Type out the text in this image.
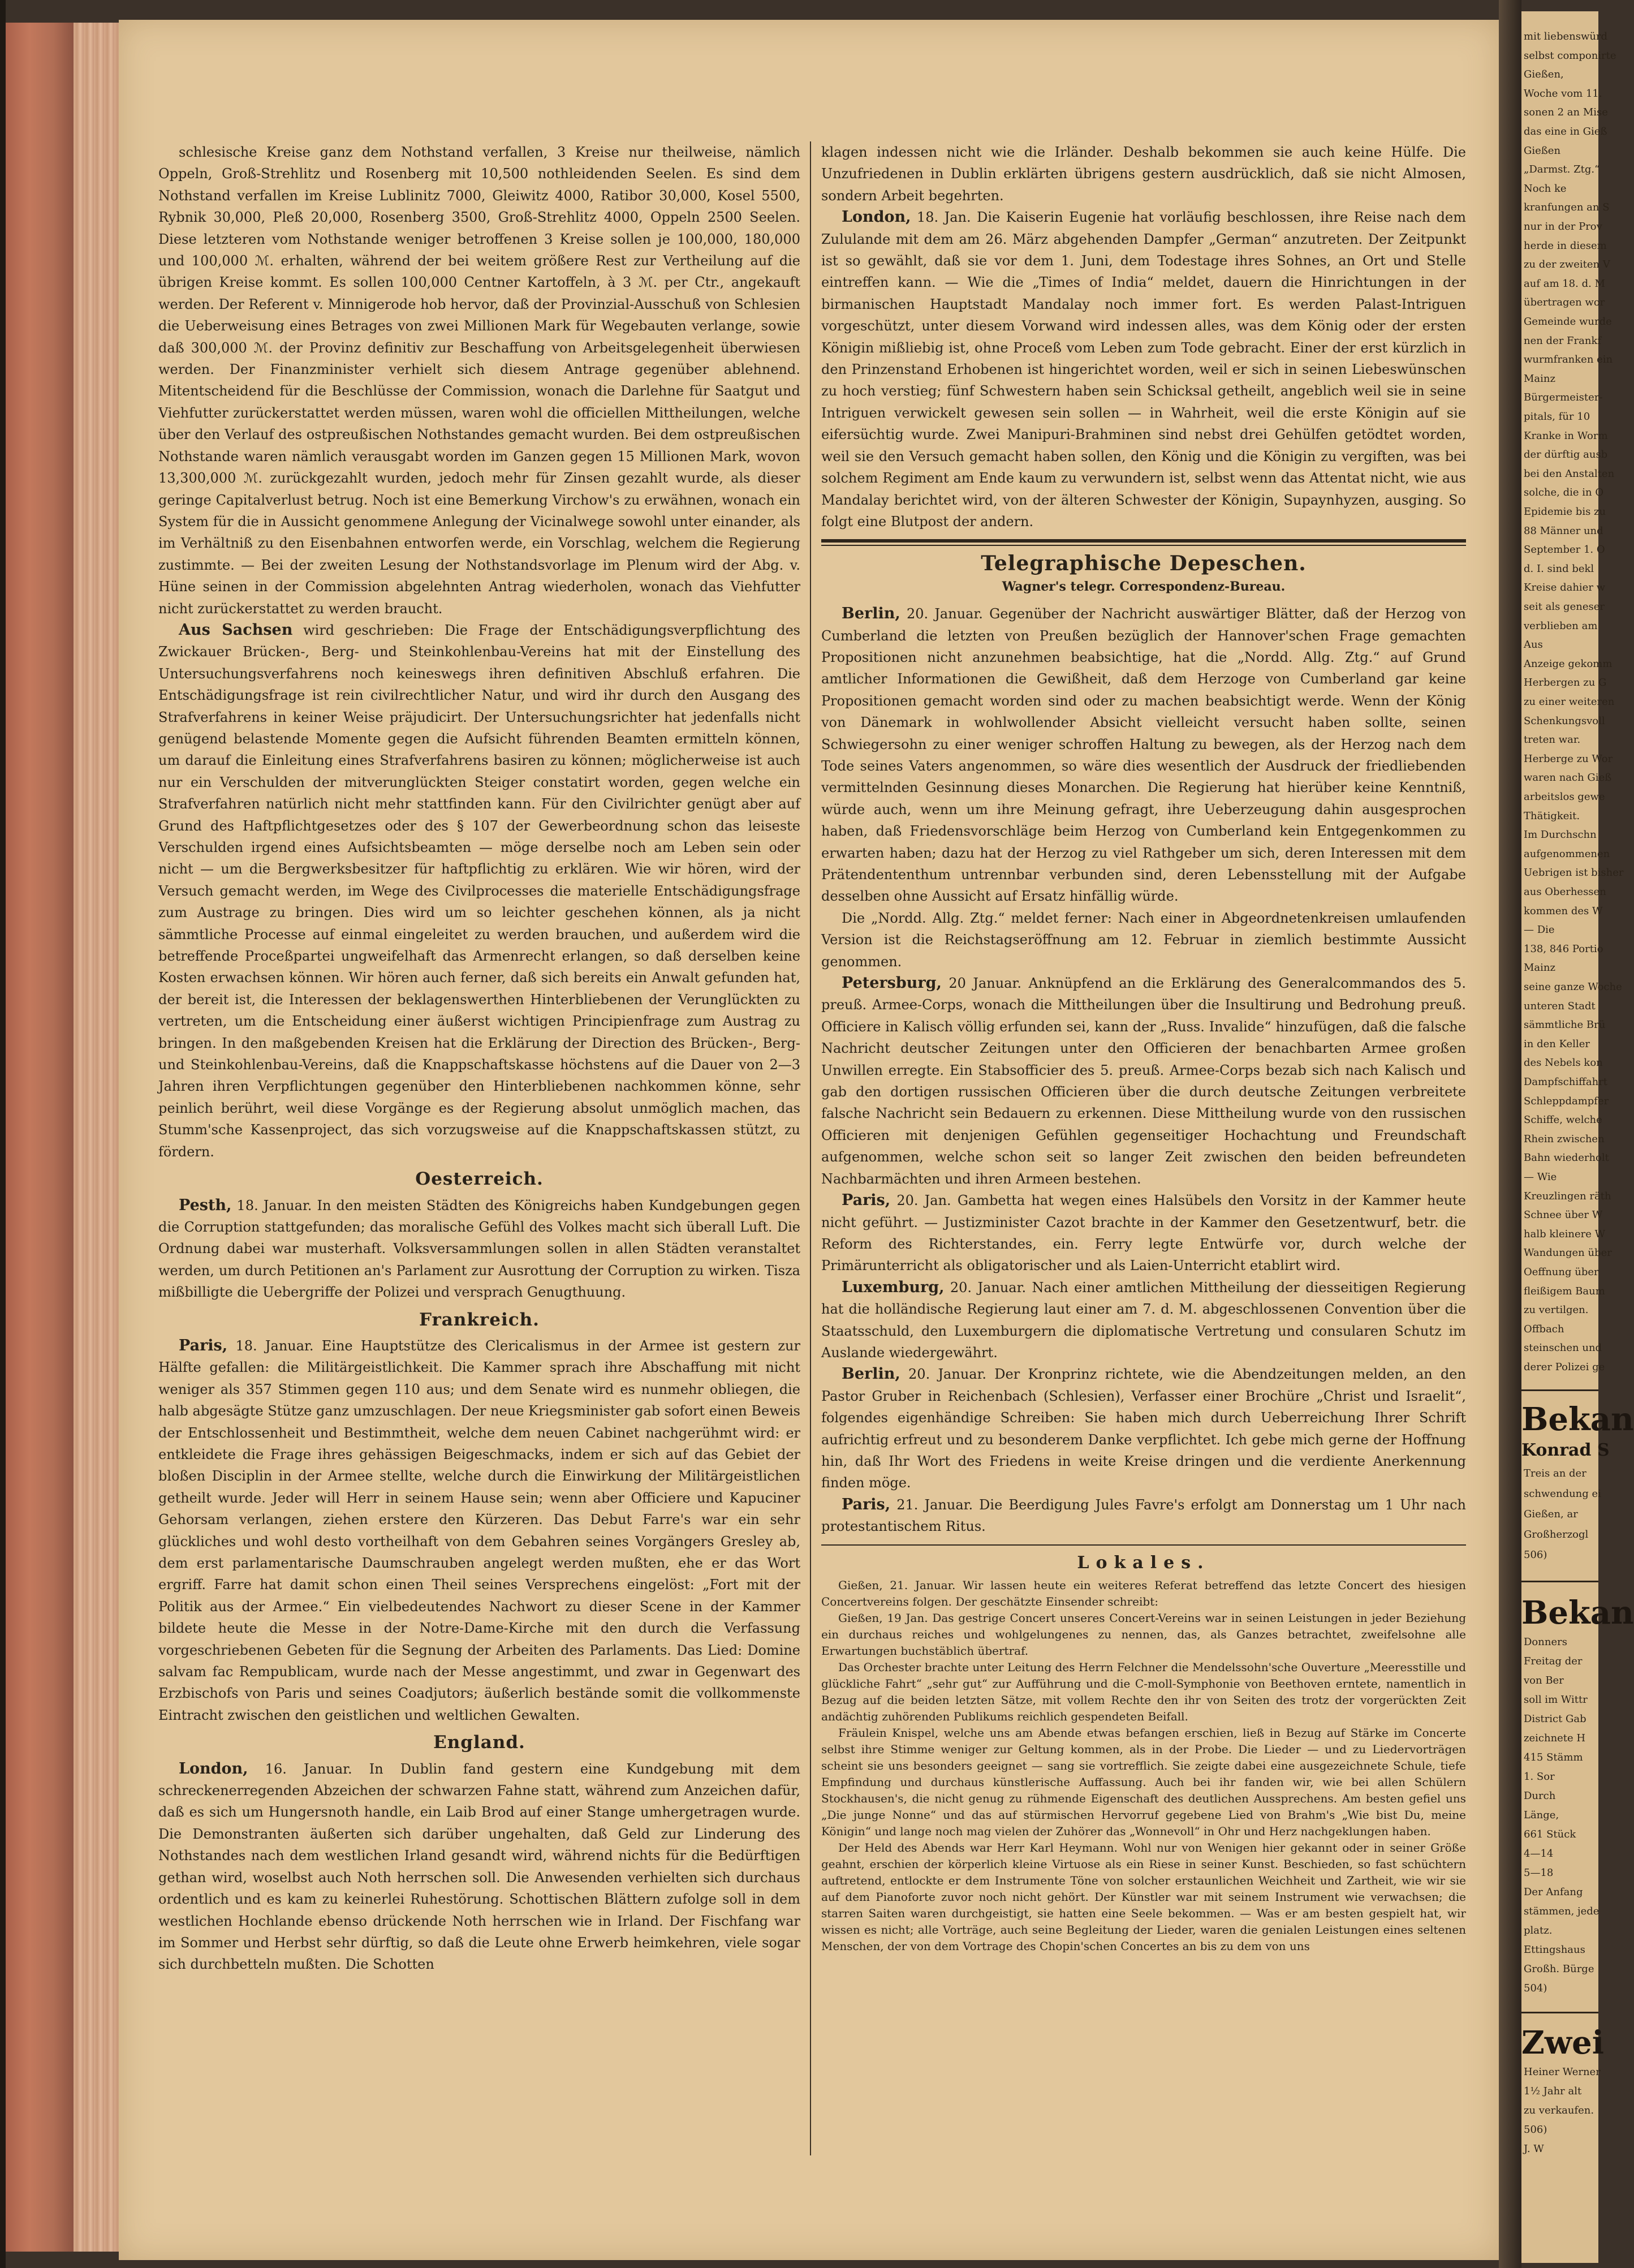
schlesische Kreise ganz dem Nothstand verfallen, 3 Kreise nur theilweise, nämlich Oppeln, Groß-Strehlitz und Rosenberg mit 10,500 nothleidenden Seelen. Es sind dem Nothstand verfallen im Kreise Lublinitz 7000, Gleiwitz 4000, Ratibor 30,000, Kosel 5500, Rybnik 30,000, Pleß 20,000, Rosenberg 3500, Groß-Strehlitz 4000, Oppeln 2500 Seelen. Diese letzteren vom Nothstande weniger betroffenen 3 Kreise sollen je 100,000, 180,000 und 100,000 ℳ. erhalten, während der bei weitem größere Rest zur Vertheilung auf die übrigen Kreise kommt. Es sollen 100,000 Centner Kartoffeln, à 3 ℳ. per Ctr., angekauft werden. Der Referent v. Minnigerode hob hervor, daß der Provinzial-Ausschuß von Schlesien die Ueberweisung eines Betrages von zwei Millionen Mark für Wegebauten verlange, sowie daß 300,000 ℳ. der Provinz definitiv zur Beschaffung von Arbeitsgelegenheit überwiesen werden. Der Finanzminister verhielt sich diesem Antrage gegenüber ablehnend. Mitentscheidend für die Beschlüsse der Commission, wonach die Darlehne für Saatgut und Viehfutter zurückerstattet werden müssen, waren wohl die officiellen Mittheilungen, welche über den Verlauf des ostpreußischen Nothstandes gemacht wurden. Bei dem ostpreußischen Nothstande waren nämlich verausgabt worden im Ganzen gegen 15 Millionen Mark, wovon 13,300,000 ℳ. zurückgezahlt wurden, jedoch mehr für Zinsen gezahlt wurde, als dieser geringe Capitalverlust betrug. Noch ist eine Bemerkung Virchow's zu erwähnen, wonach ein System für die in Aussicht genommene Anlegung der Vicinalwege sowohl unter einander, als im Verhältniß zu den Eisenbahnen entworfen werde, ein Vorschlag, welchem die Regierung zustimmte. — Bei der zweiten Lesung der Nothstandsvorlage im Plenum wird der Abg. v. Hüne seinen in der Commission abgelehnten Antrag wiederholen, wonach das Viehfutter nicht zurückerstattet zu werden braucht.

Aus Sachsen wird geschrieben: Die Frage der Entschädigungsverpflichtung des Zwickauer Brücken-, Berg- und Steinkohlenbau-Vereins hat mit der Einstellung des Untersuchungsverfahrens noch keineswegs ihren definitiven Abschluß erfahren. Die Entschädigungsfrage ist rein civilrechtlicher Natur, und wird ihr durch den Ausgang des Strafverfahrens in keiner Weise präjudicirt. Der Untersuchungsrichter hat jedenfalls nicht genügend belastende Momente gegen die Aufsicht führenden Beamten ermitteln können, um darauf die Einleitung eines Strafverfahrens basiren zu können; möglicherweise ist auch nur ein Verschulden der mitverunglückten Steiger constatirt worden, gegen welche ein Strafverfahren natürlich nicht mehr stattfinden kann. Für den Civilrichter genügt aber auf Grund des Haftpflichtgesetzes oder des § 107 der Gewerbeordnung schon das leiseste Verschulden irgend eines Aufsichtsbeamten — möge derselbe noch am Leben sein oder nicht — um die Bergwerksbesitzer für haftpflichtig zu erklären. Wie wir hören, wird der Versuch gemacht werden, im Wege des Civilprocesses die materielle Entschädigungsfrage zum Austrage zu bringen. Dies wird um so leichter geschehen können, als ja nicht sämmtliche Processe auf einmal eingeleitet zu werden brauchen, und außerdem wird die betreffende Proceßpartei ungweifelhaft das Armenrecht erlangen, so daß derselben keine Kosten erwachsen können. Wir hören auch ferner, daß sich bereits ein Anwalt gefunden hat, der bereit ist, die Interessen der beklagenswerthen Hinterbliebenen der Verunglückten zu vertreten, um die Entscheidung einer äußerst wichtigen Principienfrage zum Austrag zu bringen. In den maßgebenden Kreisen hat die Erklärung der Direction des Brücken-, Berg- und Steinkohlenbau-Vereins, daß die Knappschaftskasse höchstens auf die Dauer von 2—3 Jahren ihren Verpflichtungen gegenüber den Hinterbliebenen nachkommen könne, sehr peinlich berührt, weil diese Vorgänge es der Regierung absolut unmöglich machen, das Stumm'sche Kassenproject, das sich vorzugsweise auf die Knappschaftskassen stützt, zu fördern.

Oesterreich.

Pesth, 18. Januar. In den meisten Städten des Königreichs haben Kundgebungen gegen die Corruption stattgefunden; das moralische Gefühl des Volkes macht sich überall Luft. Die Ordnung dabei war musterhaft. Volksversammlungen sollen in allen Städten veranstaltet werden, um durch Petitionen an's Parlament zur Ausrottung der Corruption zu wirken. Tisza mißbilligte die Uebergriffe der Polizei und versprach Genugthuung.

Frankreich.

Paris, 18. Januar. Eine Hauptstütze des Clericalismus in der Armee ist gestern zur Hälfte gefallen: die Militärgeistlichkeit. Die Kammer sprach ihre Abschaffung mit nicht weniger als 357 Stimmen gegen 110 aus; und dem Senate wird es nunmehr obliegen, die halb abgesägte Stütze ganz umzuschlagen. Der neue Kriegsminister gab sofort einen Beweis der Entschlossenheit und Bestimmtheit, welche dem neuen Cabinet nachgerühmt wird: er entkleidete die Frage ihres gehässigen Beigeschmacks, indem er sich auf das Gebiet der bloßen Disciplin in der Armee stellte, welche durch die Einwirkung der Militärgeistlichen getheilt wurde. Jeder will Herr in seinem Hause sein; wenn aber Officiere und Kapuciner Gehorsam verlangen, ziehen erstere den Kürzeren. Das Debut Farre's war ein sehr glückliches und wohl desto vortheilhaft von dem Gebahren seines Vorgängers Gresley ab, dem erst parlamentarische Daumschrauben angelegt werden mußten, ehe er das Wort ergriff. Farre hat damit schon einen Theil seines Versprechens eingelöst: „Fort mit der Politik aus der Armee.“ Ein vielbedeutendes Nachwort zu dieser Scene in der Kammer bildete heute die Messe in der Notre-Dame-Kirche mit den durch die Verfassung vorgeschriebenen Gebeten für die Segnung der Arbeiten des Parlaments. Das Lied: Domine salvam fac Rempublicam, wurde nach der Messe angestimmt, und zwar in Gegenwart des Erzbischofs von Paris und seines Coadjutors; äußerlich bestände somit die vollkommenste Eintracht zwischen den geistlichen und weltlichen Gewalten.

England.

London, 16. Januar. In Dublin fand gestern eine Kundgebung mit dem schreckenerregenden Abzeichen der schwarzen Fahne statt, während zum Anzeichen dafür, daß es sich um Hungersnoth handle, ein Laib Brod auf einer Stange umhergetragen wurde. Die Demonstranten äußerten sich darüber ungehalten, daß Geld zur Linderung des Nothstandes nach dem westlichen Irland gesandt wird, während nichts für die Bedürftigen gethan wird, woselbst auch Noth herrschen soll. Die Anwesenden verhielten sich durchaus ordentlich und es kam zu keinerlei Ruhestörung. Schottischen Blättern zufolge soll in dem westlichen Hochlande ebenso drückende Noth herrschen wie in Irland. Der Fischfang war im Sommer und Herbst sehr dürftig, so daß die Leute ohne Erwerb heimkehren, viele sogar sich durchbetteln mußten. Die Schotten

klagen indessen nicht wie die Irländer. Deshalb bekommen sie auch keine Hülfe. Die Unzufriedenen in Dublin erklärten übrigens gestern ausdrücklich, daß sie nicht Almosen, sondern Arbeit begehrten.

London, 18. Jan. Die Kaiserin Eugenie hat vorläufig beschlossen, ihre Reise nach dem Zululande mit dem am 26. März abgehenden Dampfer „German“ anzutreten. Der Zeitpunkt ist so gewählt, daß sie vor dem 1. Juni, dem Todestage ihres Sohnes, an Ort und Stelle eintreffen kann. — Wie die „Times of India“ meldet, dauern die Hinrichtungen in der birmanischen Hauptstadt Mandalay noch immer fort. Es werden Palast-Intriguen vorgeschützt, unter diesem Vorwand wird indessen alles, was dem König oder der ersten Königin mißliebig ist, ohne Proceß vom Leben zum Tode gebracht. Einer der erst kürzlich in den Prinzenstand Erhobenen ist hingerichtet worden, weil er sich in seinen Liebeswünschen zu hoch verstieg; fünf Schwestern haben sein Schicksal getheilt, angeblich weil sie in seine Intriguen verwickelt gewesen sein sollen — in Wahrheit, weil die erste Königin auf sie eifersüchtig wurde. Zwei Manipuri-Brahminen sind nebst drei Gehülfen getödtet worden, weil sie den Versuch gemacht haben sollen, den König und die Königin zu vergiften, was bei solchem Regiment am Ende kaum zu verwundern ist, selbst wenn das Attentat nicht, wie aus Mandalay berichtet wird, von der älteren Schwester der Königin, Supaynhyzen, ausging. So folgt eine Blutpost der andern.

Telegraphische Depeschen.
Wagner's telegr. Correspondenz-Bureau.

Berlin, 20. Januar. Gegenüber der Nachricht auswärtiger Blätter, daß der Herzog von Cumberland die letzten von Preußen bezüglich der Hannover'schen Frage gemachten Propositionen nicht anzunehmen beabsichtige, hat die „Nordd. Allg. Ztg.“ auf Grund amtlicher Informationen die Gewißheit, daß dem Herzoge von Cumberland gar keine Propositionen gemacht worden sind oder zu machen beabsichtigt werde. Wenn der König von Dänemark in wohlwollender Absicht vielleicht versucht haben sollte, seinen Schwiegersohn zu einer weniger schroffen Haltung zu bewegen, als der Herzog nach dem Tode seines Vaters angenommen, so wäre dies wesentlich der Ausdruck der friedliebenden vermittelnden Gesinnung dieses Monarchen. Die Regierung hat hierüber keine Kenntniß, würde auch, wenn um ihre Meinung gefragt, ihre Ueberzeugung dahin ausgesprochen haben, daß Friedensvorschläge beim Herzog von Cumberland kein Entgegenkommen zu erwarten haben; dazu hat der Herzog zu viel Rathgeber um sich, deren Interessen mit dem Prätendententhum untrennbar verbunden sind, deren Lebensstellung mit der Aufgabe desselben ohne Aussicht auf Ersatz hinfällig würde.

Die „Nordd. Allg. Ztg.“ meldet ferner: Nach einer in Abgeordnetenkreisen umlaufenden Version ist die Reichstagseröffnung am 12. Februar in ziemlich bestimmte Aussicht genommen.

Petersburg, 20 Januar. Anknüpfend an die Erklärung des Generalcommandos des 5. preuß. Armee-Corps, wonach die Mittheilungen über die Insultirung und Bedrohung preuß. Officiere in Kalisch völlig erfunden sei, kann der „Russ. Invalide“ hinzufügen, daß die falsche Nachricht deutscher Zeitungen unter den Officieren der benachbarten Armee großen Unwillen erregte. Ein Stabsofficier des 5. preuß. Armee-Corps bezab sich nach Kalisch und gab den dortigen russischen Officieren über die durch deutsche Zeitungen verbreitete falsche Nachricht sein Bedauern zu erkennen. Diese Mittheilung wurde von den russischen Officieren mit denjenigen Gefühlen gegenseitiger Hochachtung und Freundschaft aufgenommen, welche schon seit so langer Zeit zwischen den beiden befreundeten Nachbarmächten und ihren Armeen bestehen.

Paris, 20. Jan. Gambetta hat wegen eines Halsübels den Vorsitz in der Kammer heute nicht geführt. — Justizminister Cazot brachte in der Kammer den Gesetzentwurf, betr. die Reform des Richterstandes, ein. Ferry legte Entwürfe vor, durch welche der Primärunterricht als obligatorischer und als Laien-Unterricht etablirt wird.

Luxemburg, 20. Januar. Nach einer amtlichen Mittheilung der diesseitigen Regierung hat die holländische Regierung laut einer am 7. d. M. abgeschlossenen Convention über die Staatsschuld, den Luxemburgern die diplomatische Vertretung und consularen Schutz im Auslande wiedergewährt.

Berlin, 20. Januar. Der Kronprinz richtete, wie die Abendzeitungen melden, an den Pastor Gruber in Reichenbach (Schlesien), Verfasser einer Brochüre „Christ und Israelit“, folgendes eigenhändige Schreiben: Sie haben mich durch Ueberreichung Ihrer Schrift aufrichtig erfreut und zu besonderem Danke verpflichtet. Ich gebe mich gerne der Hoffnung hin, daß Ihr Wort des Friedens in weite Kreise dringen und die verdiente Anerkennung finden möge.

Paris, 21. Januar. Die Beerdigung Jules Favre's erfolgt am Donnerstag um 1 Uhr nach protestantischem Ritus.

Lokales.

Gießen, 21. Januar. Wir lassen heute ein weiteres Referat betreffend das letzte Concert des hiesigen Concertvereins folgen. Der geschätzte Einsender schreibt:

Gießen, 19 Jan. Das gestrige Concert unseres Concert-Vereins war in seinen Leistungen in jeder Beziehung ein durchaus reiches und wohlgelungenes zu nennen, das, als Ganzes betrachtet, zweifelsohne alle Erwartungen buchstäblich übertraf.

Das Orchester brachte unter Leitung des Herrn Felchner die Mendelssohn'sche Ouverture „Meeresstille und glückliche Fahrt“ „sehr gut“ zur Aufführung und die C-moll-Symphonie von Beethoven erntete, namentlich in Bezug auf die beiden letzten Sätze, mit vollem Rechte den ihr von Seiten des trotz der vorgerückten Zeit andächtig zuhörenden Publikums reichlich gespendeten Beifall.

Fräulein Knispel, welche uns am Abende etwas befangen erschien, ließ in Bezug auf Stärke im Concerte selbst ihre Stimme weniger zur Geltung kommen, als in der Probe. Die Lieder — und zu Liedervorträgen scheint sie uns besonders geeignet — sang sie vortrefflich. Sie zeigte dabei eine ausgezeichnete Schule, tiefe Empfindung und durchaus künstlerische Auffassung. Auch bei ihr fanden wir, wie bei allen Schülern Stockhausen's, die nicht genug zu rühmende Eigenschaft des deutlichen Aussprechens. Am besten gefiel uns „Die junge Nonne“ und das auf stürmischen Hervorruf gegebene Lied von Brahm's „Wie bist Du, meine Königin“ und lange noch mag vielen der Zuhörer das „Wonnevoll“ in Ohr und Herz nachgeklungen haben.

Der Held des Abends war Herr Karl Heymann. Wohl nur von Wenigen hier gekannt oder in seiner Größe geahnt, erschien der körperlich kleine Virtuose als ein Riese in seiner Kunst. Beschieden, so fast schüchtern auftretend, entlockte er dem Instrumente Töne von solcher erstaunlichen Weichheit und Zartheit, wie wir sie auf dem Pianoforte zuvor noch nicht gehört. Der Künstler war mit seinem Instrument wie verwachsen; die starren Saiten waren durchgeistigt, sie hatten eine Seele bekommen. — Was er am besten gespielt hat, wir wissen es nicht; alle Vorträge, auch seine Begleitung der Lieder, waren die genialen Leistungen eines seltenen Menschen, der von dem Vortrage des Chopin'schen Concertes an bis zu dem von uns

mit liebenswürd
selbst componirte
Gießen,
Woche vom 11.
sonen 2 an Mise
das eine in Gieß
Gießen
„Darmst. Ztg.“
Noch ke
kranfungen an S
nur in der Prov
herde in diesem
zu der zweiten V
auf am 18. d. M
übertragen wor
Gemeinde wurde
nen der Frankf
wurmfranken ein
Mainz
Bürgermeister-
pitals, für 10
Kranke in Worm
der dürftig ausb
bei den Anstalten
solche, die in O
Epidemie bis zu
88 Männer und
September 1. O
d. I. sind bekl
Kreise dahier w
seit als geneser
verblieben am
Aus
Anzeige gekomm
Herbergen zu G
zu einer weiteren
Schenkungsvoll
treten war.
Herberge zu Wor
waren nach Gieß
arbeitslos gewe
Thätigkeit.
Im Durchschn
aufgenommenen
Uebrigen ist bisher
aus Oberhessen
kommen des W
— Die
138, 846 Portio
Mainz
seine ganze Woche
unteren Stadt
sämmtliche Brü
in den Keller
des Nebels kon
Dampfschiffahrt
Schleppdampfer
Schiffe, welche
Rhein zwischen
Bahn wiederholt
— Wie
Kreuzlingen räth
Schnee über W
halb kleinere W
Wandungen über
Oeffnung über
fleißigem Baum
zu vertilgen.
Offbach
steinschen und
derer Polizei ge
Bekan
Konrad S
Treis an der
schwendung ei
Gießen, ar
Großherzogl
506)
Bekan
Donners
Freitag der
von Ber
soll im Wittr
District Gab
zeichnete H
415 Stämm
1. Sor
Durch
Länge,
661 Stück
4—14
5—18
Der Anfang
stämmen, jede
platz.
Ettingshaus
Großh. Bürge
504)
Zwei
Heiner Werner
1½ Jahr alt
zu verkaufen.
506)
J. W
